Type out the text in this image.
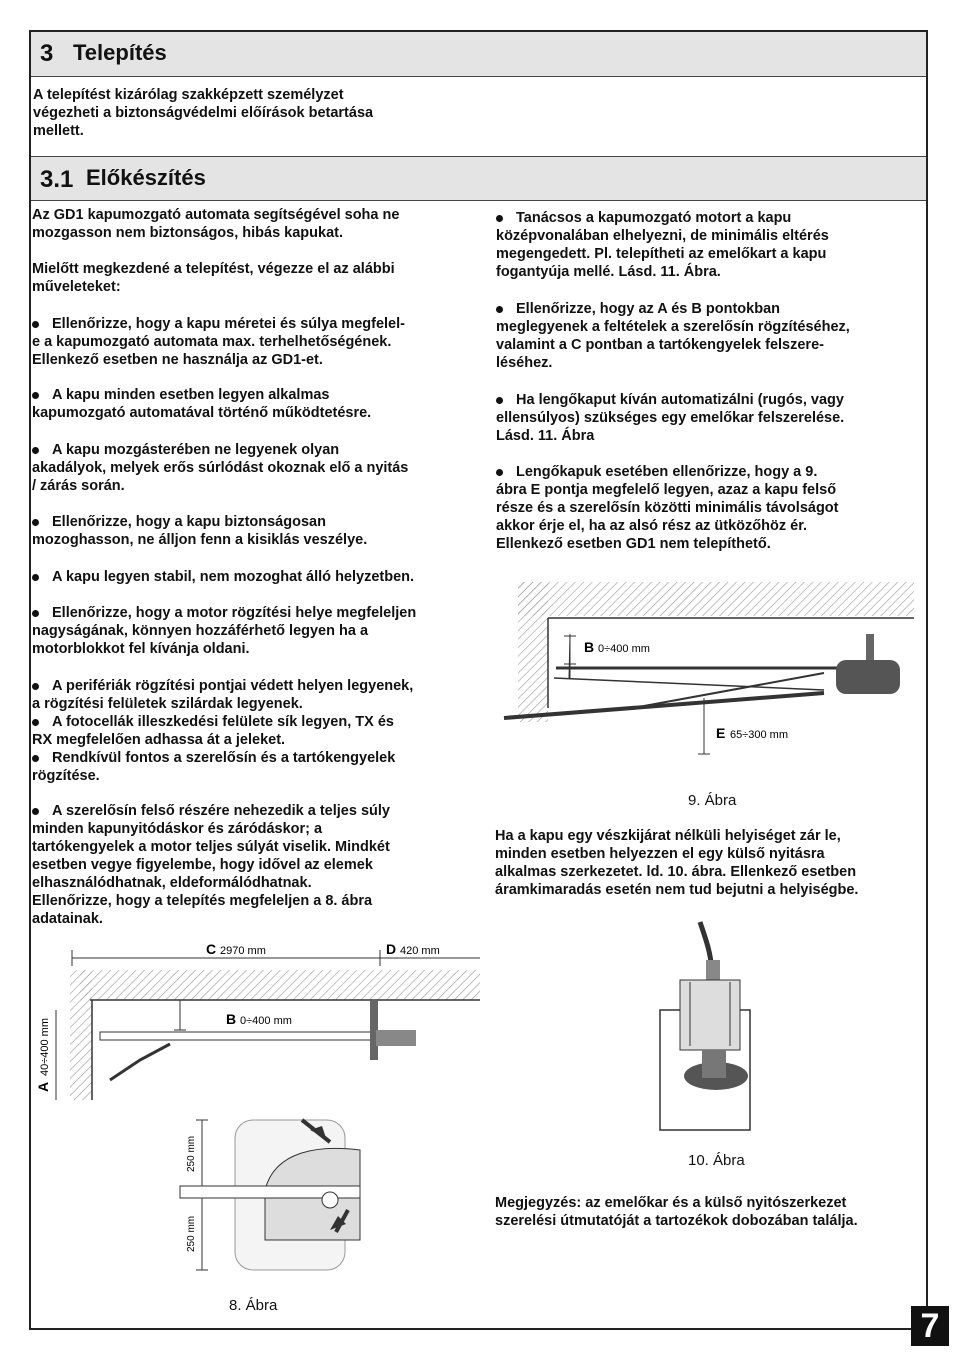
3 Telepítés

A telepítést kizárólag szakképzett személyzet

végezheti a biztonságvédelmi előírások betartása

mellett.

3.1 Előkészítés

Az GD1 kapumozgató automata segítségével soha ne

mozgasson nem biztonságos, hibás kapukat.

Mielőtt megkezdené a telepítést, végezze el az alábbi

műveleteket:

Ellenőrizze, hogy a kapu méretei és súlya megfelel-

e a kapumozgató automata max. terhelhetőségének.

Ellenkező esetben ne használja az GD1-et.

A kapu minden esetben legyen alkalmas

kapumozgató automatával történő működtetésre.

A kapu mozgásterében ne legyenek olyan

akadályok, melyek erős súrlódást okoznak elő a nyitás

/ zárás során.

Ellenőrizze, hogy a kapu biztonságosan

mozoghasson, ne álljon fenn a kisiklás veszélye.

A kapu legyen stabil, nem mozoghat álló helyzetben.

Ellenőrizze, hogy a motor rögzítési helye megfeleljen

nagyságának, könnyen hozzáférhető legyen ha a

motorblokkot fel kívánja oldani.

A perifériák rögzítési pontjai védett helyen legyenek,

a rögzítési felületek szilárdak legyenek.

A fotocellák illeszkedési felülete sík legyen, TX és

RX megfelelően adhassa át a jeleket.

Rendkívül fontos a szerelősín és a tartókengyelek

rögzítése.

A szerelősín felső részére nehezedik a teljes súly

minden kapunyitódáskor és záródáskor; a

tartókengyelek a motor teljes súlyát viselik. Mindkét

esetben vegye figyelembe, hogy idővel az elemek

elhasználódhatnak, eldeformálódhatnak.

Ellenőrizze, hogy a telepítés megfeleljen a 8. ábra

adatainak.

Tanácsos a kapumozgató motort a kapu

középvonalában elhelyezni, de minimális eltérés

megengedett. Pl. telepítheti az emelőkart a kapu

fogantyúja mellé. Lásd. 11. Ábra.

Ellenőrizze, hogy az A és B pontokban

meglegyenek a feltételek a szerelősín rögzítéséhez,

valamint a C pontban a tartókengyelek felszere-

léséhez.

Ha lengőkaput kíván automatizálni (rugós, vagy

ellensúlyos) szükséges egy emelőkar felszerelése.

Lásd. 11. Ábra

Lengőkapuk esetében ellenőrizze, hogy a 9.

ábra E pontja megfelelő legyen, azaz a kapu felső

része és a szerelősín közötti minimális távolságot

akkor érje el, ha az alsó rész az ütközőhöz ér.

Ellenkező esetben GD1 nem telepíthető.

B 0÷400 mm
E 65÷300 mm
9. Ábra

Ha a kapu egy vészkijárat nélküli helyiséget zár le,

minden esetben helyezzen el egy külső nyitásra

alkalmas szerkezetet. ld. 10. ábra. Ellenkező esetben

áramkimaradás esetén nem tud bejutni a helyiségbe.

10. Ábra

Megjegyzés: az emelőkar és a külső nyitószerkezet

szerelési útmutatóját a tartozékok dobozában találja.

C 2970 mm	D 420 mm
B 0÷400 mm
A
40÷400 mm
250 mm
250 mm
8. Ábra
7
